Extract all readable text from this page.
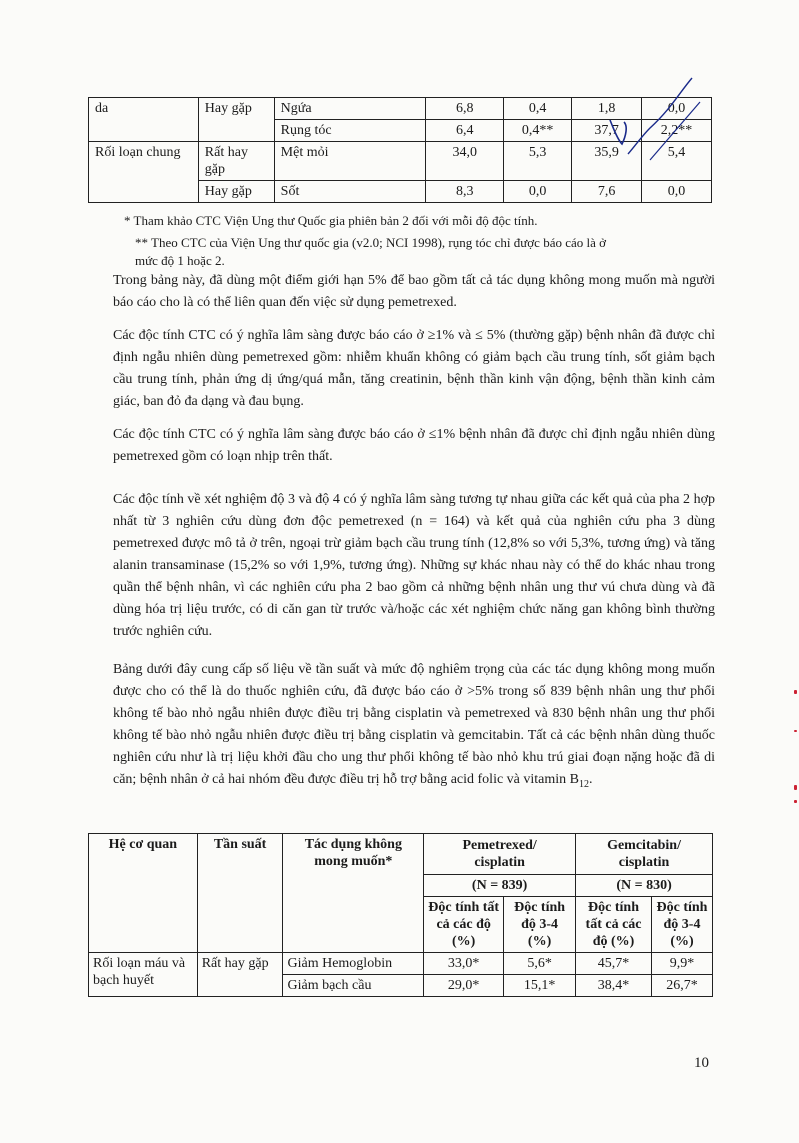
da	Hay gặp	Ngứa	6,8	0,4	1,8	0,0
		Rụng tóc	6,4	0,4**	37,7	2,2**
Rối loạn chung	Rất hay gặp	Mệt mỏi	34,0	5,3	35,9	5,4
	Hay gặp	Sốt	8,3	0,0	7,6	0,0
* Tham khảo CTC Viện Ung thư Quốc gia phiên bản 2 đối với mỗi độ độc tính.
** Theo CTC của Viện Ung thư quốc gia (v2.0; NCI 1998), rụng tóc chỉ được báo cáo là ở
mức độ 1 hoặc 2.
Trong bảng này, đã dùng một điểm giới hạn 5% để bao gồm tất cả tác dụng không mong muốn mà người báo cáo cho là có thể liên quan đến việc sử dụng pemetrexed.
Các độc tính CTC có ý nghĩa lâm sàng được báo cáo ở ≥1% và ≤ 5% (thường gặp) bệnh nhân đã được chỉ định ngẫu nhiên dùng pemetrexed gồm: nhiễm khuẩn không có giảm bạch cầu trung tính, sốt giảm bạch cầu trung tính, phản ứng dị ứng/quá mẫn, tăng creatinin, bệnh thần kinh vận động, bệnh thần kinh cảm giác, ban đỏ đa dạng và đau bụng.
Các độc tính CTC có ý nghĩa lâm sàng được báo cáo ở ≤1% bệnh nhân đã được chỉ định ngẫu nhiên dùng pemetrexed gồm có loạn nhịp trên thất.
Các độc tính về xét nghiệm độ 3 và độ 4 có ý nghĩa lâm sàng tương tự nhau giữa các kết quả của pha 2 hợp nhất từ 3 nghiên cứu dùng đơn độc pemetrexed (n = 164) và kết quả của nghiên cứu pha 3 dùng pemetrexed được mô tả ở trên, ngoại trừ giảm bạch cầu trung tính (12,8% so với 5,3%, tương ứng) và tăng alanin transaminase (15,2% so với 1,9%, tương ứng). Những sự khác nhau này có thể do khác nhau trong quần thể bệnh nhân, vì các nghiên cứu pha 2 bao gồm cả những bệnh nhân ung thư vú chưa dùng và đã dùng hóa trị liệu trước, có di căn gan từ trước và/hoặc các xét nghiệm chức năng gan không bình thường trước nghiên cứu.
Bảng dưới đây cung cấp số liệu về tần suất và mức độ nghiêm trọng của các tác dụng không mong muốn được cho có thể là do thuốc nghiên cứu, đã được báo cáo ở >5% trong số 839 bệnh nhân ung thư phổi không tế bào nhỏ ngẫu nhiên được điều trị bằng cisplatin và pemetrexed và 830 bệnh nhân ung thư phổi không tế bào nhỏ ngẫu nhiên được điều trị bằng cisplatin và gemcitabin. Tất cả các bệnh nhân dùng thuốc nghiên cứu như là trị liệu khởi đầu cho ung thư phổi không tế bào nhỏ khu trú giai đoạn nặng hoặc đã di căn; bệnh nhân ở cả hai nhóm đều được điều trị hỗ trợ bằng acid folic và vitamin $B_{12}$.
Hệ cơ quan	Tần suất	Tác dụng không mong muốn*	Pemetrexed/ cisplatin		Gemcitabin/ cisplatin	
			(N = 839)		(N = 830)	
			Độc tính tất cả các độ (%)	Độc tính độ 3-4 (%)	Độc tính tất cả các độ (%)	Độc tính độ 3-4 (%)
Rối loạn máu và bạch huyết	Rất hay gặp	Giảm Hemoglobin	33,0*	5,6*	45,7*	9,9*
		Giảm bạch cầu	29,0*	15,1*	38,4*	26,7*
10
